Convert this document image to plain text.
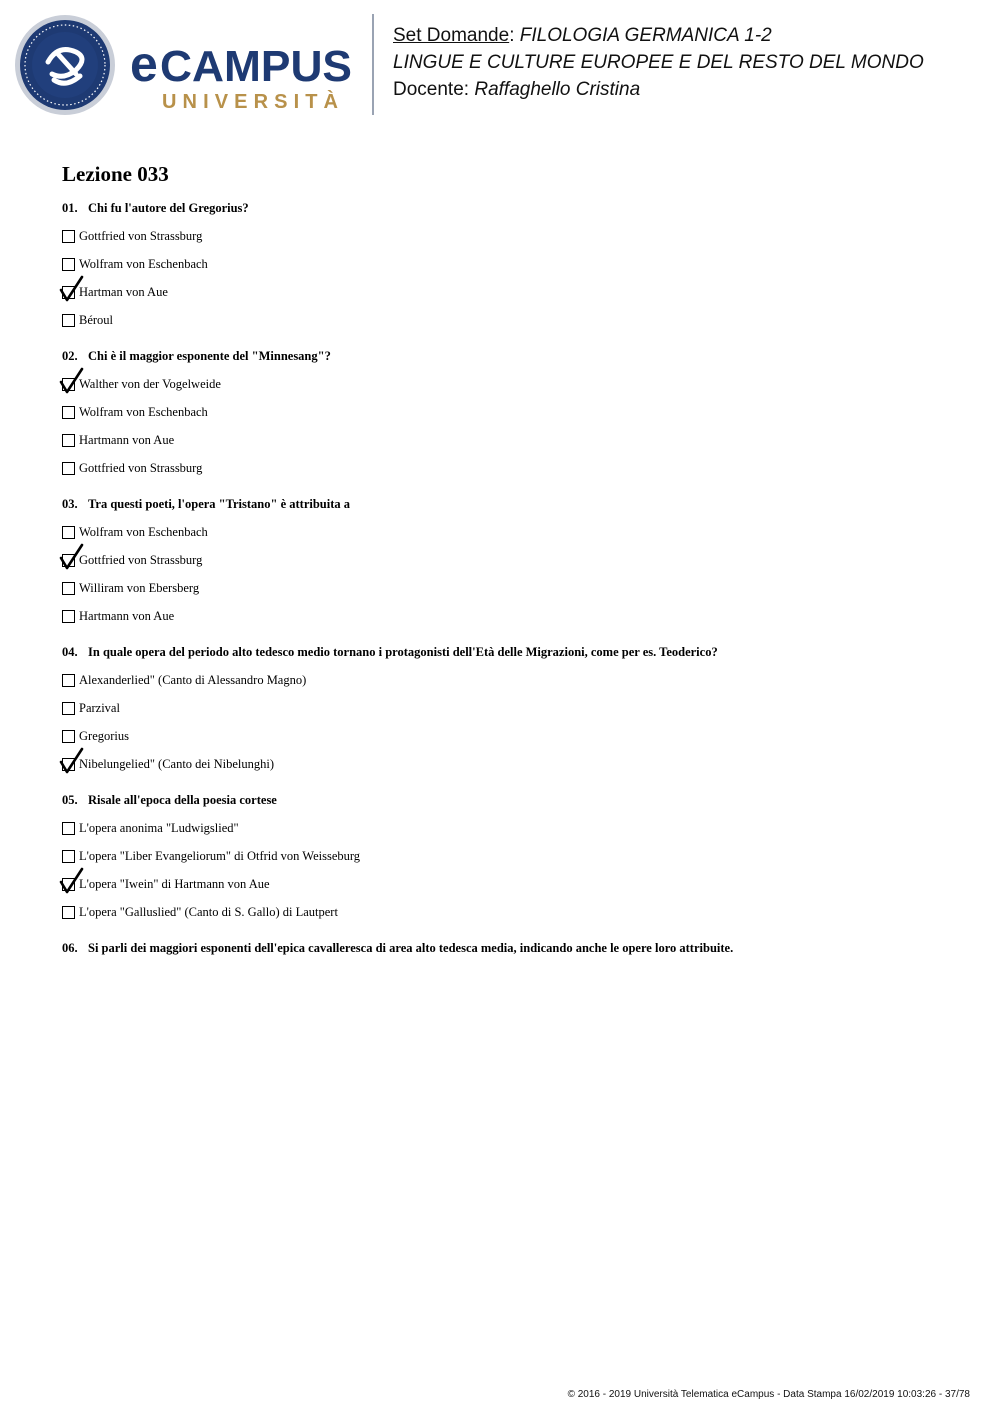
e CAMPUS
UNIVERSITÀ
Set Domande: FILOLOGIA GERMANICA 1-2
LINGUE E CULTURE EUROPEE E DEL RESTO DEL MONDO
Docente: Raffaghello Cristina
Lezione 033

01. Chi fu l'autore del Gregorius?

Gottfried von Strassburg
Wolfram von Eschenbach
Hartman von Aue
Béroul

02. Chi è il maggior esponente del "Minnesang"?

Walther von der Vogelweide
Wolfram von Eschenbach
Hartmann von Aue
Gottfried von Strassburg

03. Tra questi poeti, l'opera "Tristano" è attribuita a

Wolfram von Eschenbach
Gottfried von Strassburg
Williram von Ebersberg
Hartmann von Aue

04. In quale opera del periodo alto tedesco medio tornano i protagonisti dell'Età delle Migrazioni, come per es. Teoderico?

Alexanderlied" (Canto di Alessandro Magno)
Parzival
Gregorius
Nibelungelied" (Canto dei Nibelunghi)

05. Risale all'epoca della poesia cortese

L'opera anonima "Ludwigslied"
L'opera "Liber Evangeliorum" di Otfrid von Weisseburg
L'opera "Iwein" di Hartmann von Aue
L'opera "Galluslied" (Canto di S. Gallo) di Lautpert

06. Si parli dei maggiori esponenti dell'epica cavalleresca di area alto tedesca media, indicando anche le opere loro attribuite.

© 2016 - 2019 Università Telematica eCampus - Data Stampa 16/02/2019 10:03:26 - 37/78
